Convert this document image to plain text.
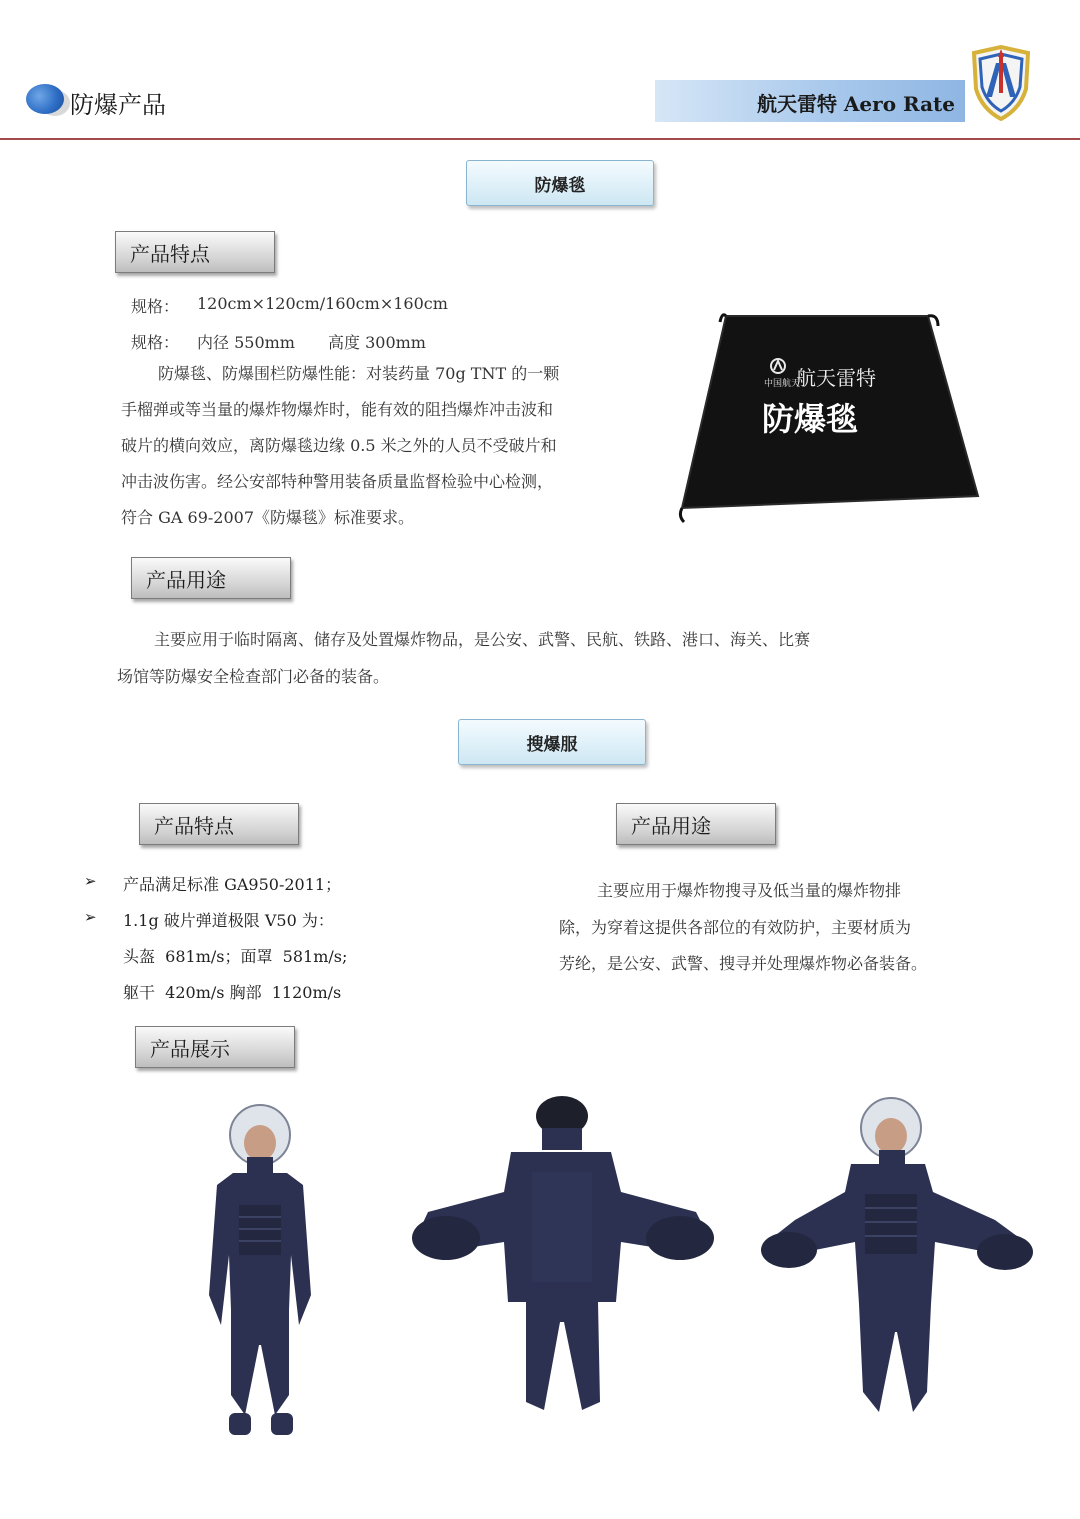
防爆产品	航天雷特 Aero Rate
防爆毯
产品特点
规格： 120cm×120cm/160cm×160cm
规格： 内径 550mm 高度 300mm
防爆毯、防爆围栏防爆性能：对装药量 70g TNT 的一颗
手榴弹或等当量的爆炸物爆炸时，能有效的阻挡爆炸冲击波和
破片的横向效应，离防爆毯边缘 0.5 米之外的人员不受破片和
冲击波伤害。经公安部特种警用装备质量监督检验中心检测，
符合 GA 69-2007《防爆毯》标准要求。
中国航天
航天雷特
防爆毯
产品用途
主要应用于临时隔离、储存及处置爆炸物品，是公安、武警、民航、铁路、港口、海关、比赛
场馆等防爆安全检查部门必备的装备。
搜爆服
产品特点	产品用途
➢ 产品满足标准 GA950-2011；
➢ 1.1g 破片弹道极限 V50 为：
头盔  681m/s；面罩  581m/s;
躯干  420m/s 胸部  1120m/s
主要应用于爆炸物搜寻及低当量的爆炸物排
除，为穿着这提供各部位的有效防护，主要材质为
芳纶，是公安、武警、搜寻并处理爆炸物必备装备。
产品展示
